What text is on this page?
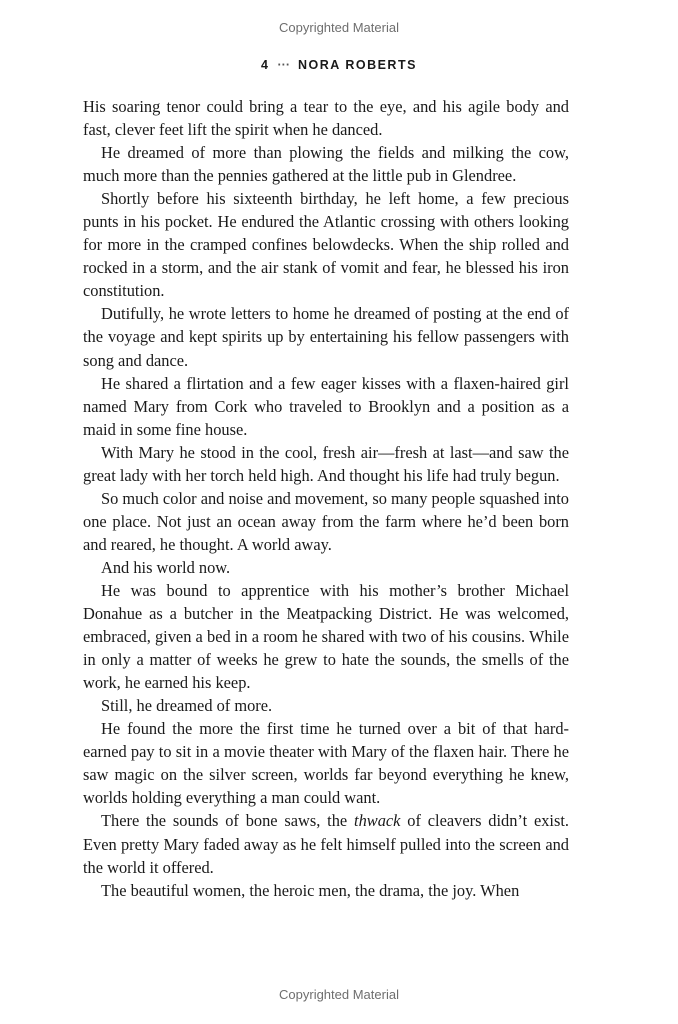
Copyrighted Material
4 ··· NORA ROBERTS

His soaring tenor could bring a tear to the eye, and his agile body and fast, clever feet lift the spirit when he danced.

He dreamed of more than plowing the fields and milking the cow, much more than the pennies gathered at the little pub in Glendree.

Shortly before his sixteenth birthday, he left home, a few precious punts in his pocket. He endured the Atlantic crossing with others looking for more in the cramped confines belowdecks. When the ship rolled and rocked in a storm, and the air stank of vomit and fear, he blessed his iron constitution.

Dutifully, he wrote letters to home he dreamed of posting at the end of the voyage and kept spirits up by entertaining his fellow passengers with song and dance.

He shared a flirtation and a few eager kisses with a flaxen-haired girl named Mary from Cork who traveled to Brooklyn and a position as a maid in some fine house.

With Mary he stood in the cool, fresh air—fresh at last—and saw the great lady with her torch held high. And thought his life had truly begun.

So much color and noise and movement, so many people squashed into one place. Not just an ocean away from the farm where he’d been born and reared, he thought. A world away.

And his world now.

He was bound to apprentice with his mother’s brother Michael Donahue as a butcher in the Meatpacking District. He was welcomed, embraced, given a bed in a room he shared with two of his cousins. While in only a matter of weeks he grew to hate the sounds, the smells of the work, he earned his keep.

Still, he dreamed of more.

He found the more the first time he turned over a bit of that hard-earned pay to sit in a movie theater with Mary of the flaxen hair. There he saw magic on the silver screen, worlds far beyond everything he knew, worlds holding everything a man could want.

There the sounds of bone saws, the thwack of cleavers didn’t exist. Even pretty Mary faded away as he felt himself pulled into the screen and the world it offered.

The beautiful women, the heroic men, the drama, the joy. When

Copyrighted Material
